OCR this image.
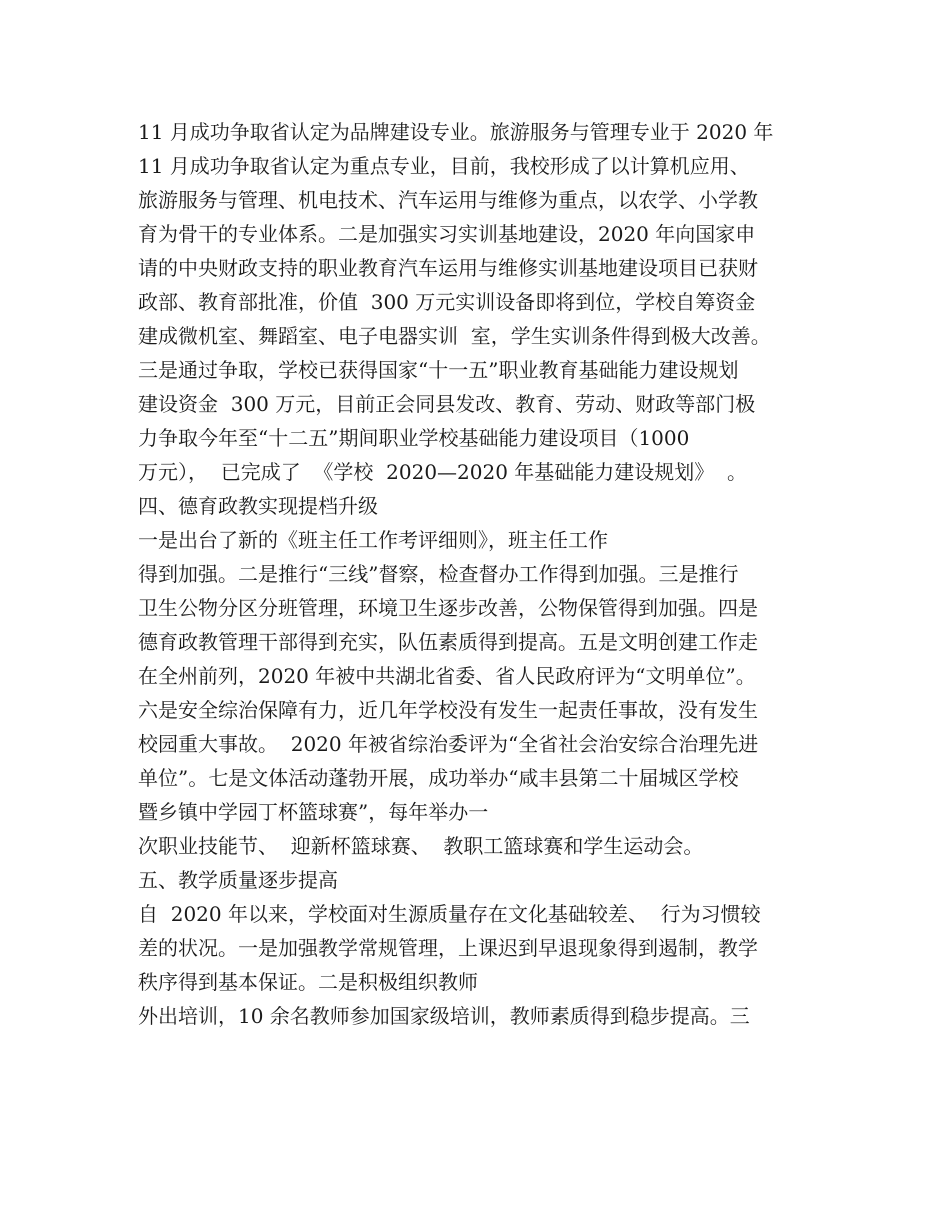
11 月成功争取省认定为品牌建设专业。旅游服务与管理专业于 2020 年

11 月成功争取省认定为重点专业，目前，我校形成了以计算机应用、

旅游服务与管理、机电技术、汽车运用与维修为重点，以农学、小学教

育为骨干的专业体系。二是加强实习实训基地建设，2020 年向国家申

请的中央财政支持的职业教育汽车运用与维修实训基地建设项目已获财

政部、教育部批准，价值  300 万元实训设备即将到位，学校自筹资金

建成微机室、舞蹈室、电子电器实训  室，学生实训条件得到极大改善。

三是通过争取，学校已获得国家“十一五”职业教育基础能力建设规划

建设资金  300 万元，目前正会同县发改、教育、劳动、财政等部门极

力争取今年至“十二五”期间职业学校基础能力建设项目（1000

万元），  已完成了  《学校  2020—2020 年基础能力建设规划》  。

四、德育政教实现提档升级

一是出台了新的《班主任工作考评细则》，班主任工作

得到加强。二是推行“三线”督察，检查督办工作得到加强。三是推行

卫生公物分区分班管理，环境卫生逐步改善，公物保管得到加强。四是

德育政教管理干部得到充实，队伍素质得到提高。五是文明创建工作走

在全州前列，2020 年被中共湖北省委、省人民政府评为“文明单位”。

六是安全综治保障有力，近几年学校没有发生一起责任事故，没有发生

校园重大事故。  2020 年被省综治委评为“全省社会治安综合治理先进

单位”。七是文体活动蓬勃开展，成功举办“咸丰县第二十届城区学校

暨乡镇中学园丁杯篮球赛”，每年举办一

次职业技能节、  迎新杯篮球赛、  教职工篮球赛和学生运动会。

五、教学质量逐步提高

自  2020 年以来，学校面对生源质量存在文化基础较差、  行为习惯较

差的状况。一是加强教学常规管理，上课迟到早退现象得到遏制，教学

秩序得到基本保证。二是积极组织教师

外出培训，10 余名教师参加国家级培训，教师素质得到稳步提高。三
